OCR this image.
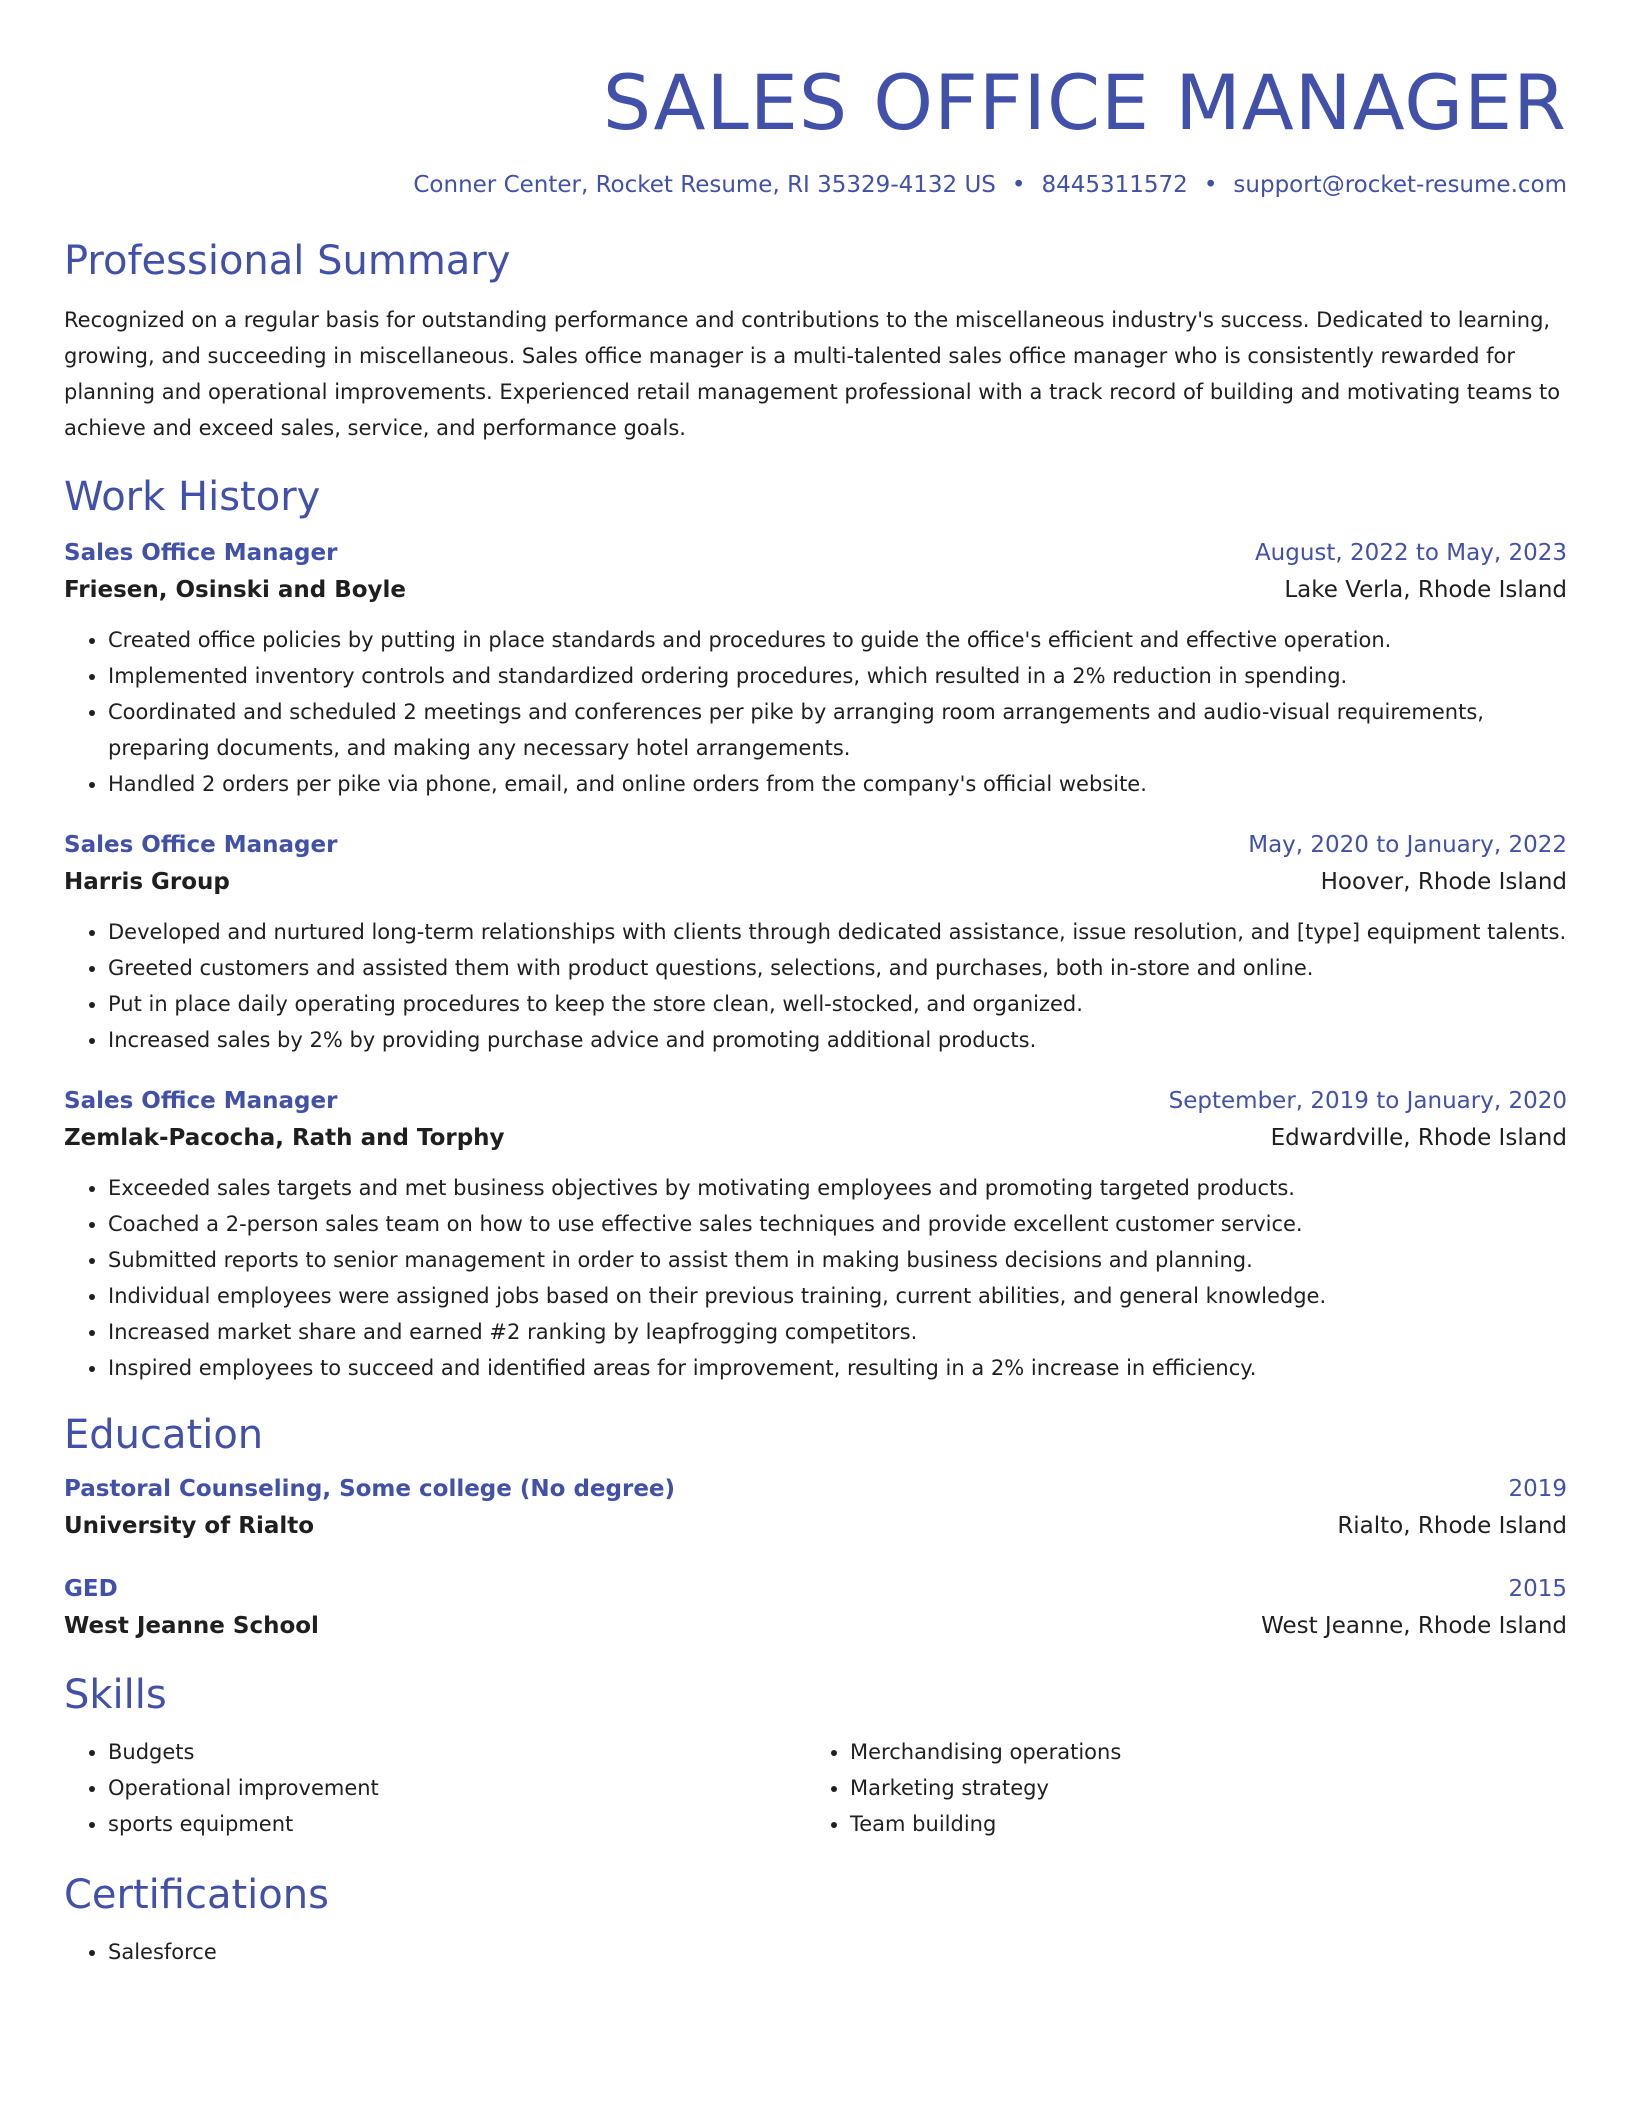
SALES OFFICE MANAGER
Conner Center, Rocket Resume, RI 35329-4132 US • 8445311572 • support@rocket-resume.com
Professional Summary
Recognized on a regular basis for outstanding performance and contributions to the miscellaneous industry's success. Dedicated to learning, growing, and succeeding in miscellaneous. Sales office manager is a multi-talented sales office manager who is consistently rewarded for planning and operational improvements. Experienced retail management professional with a track record of building and motivating teams to achieve and exceed sales, service, and performance goals.
Work History
Sales Office Manager	August, 2022 to May, 2023
Friesen, Osinski and Boyle	Lake Verla, Rhode Island
• Created office policies by putting in place standards and procedures to guide the office's efficient and effective operation.
• Implemented inventory controls and standardized ordering procedures, which resulted in a 2% reduction in spending.
• Coordinated and scheduled 2 meetings and conferences per pike by arranging room arrangements and audio-visual requirements, preparing documents, and making any necessary hotel arrangements.
• Handled 2 orders per pike via phone, email, and online orders from the company's official website.
Sales Office Manager	May, 2020 to January, 2022
Harris Group	Hoover, Rhode Island
• Developed and nurtured long-term relationships with clients through dedicated assistance, issue resolution, and [type] equipment talents.
• Greeted customers and assisted them with product questions, selections, and purchases, both in-store and online.
• Put in place daily operating procedures to keep the store clean, well-stocked, and organized.
• Increased sales by 2% by providing purchase advice and promoting additional products.
Sales Office Manager	September, 2019 to January, 2020
Zemlak-Pacocha, Rath and Torphy	Edwardville, Rhode Island
• Exceeded sales targets and met business objectives by motivating employees and promoting targeted products.
• Coached a 2-person sales team on how to use effective sales techniques and provide excellent customer service.
• Submitted reports to senior management in order to assist them in making business decisions and planning.
• Individual employees were assigned jobs based on their previous training, current abilities, and general knowledge.
• Increased market share and earned #2 ranking by leapfrogging competitors.
• Inspired employees to succeed and identified areas for improvement, resulting in a 2% increase in efficiency.
Education
Pastoral Counseling, Some college (No degree)	2019
University of Rialto	Rialto, Rhode Island
GED	2015
West Jeanne School	West Jeanne, Rhode Island
Skills
• Budgets
• Operational improvement
• sports equipment
• Merchandising operations
• Marketing strategy
• Team building
Certifications
• Salesforce
